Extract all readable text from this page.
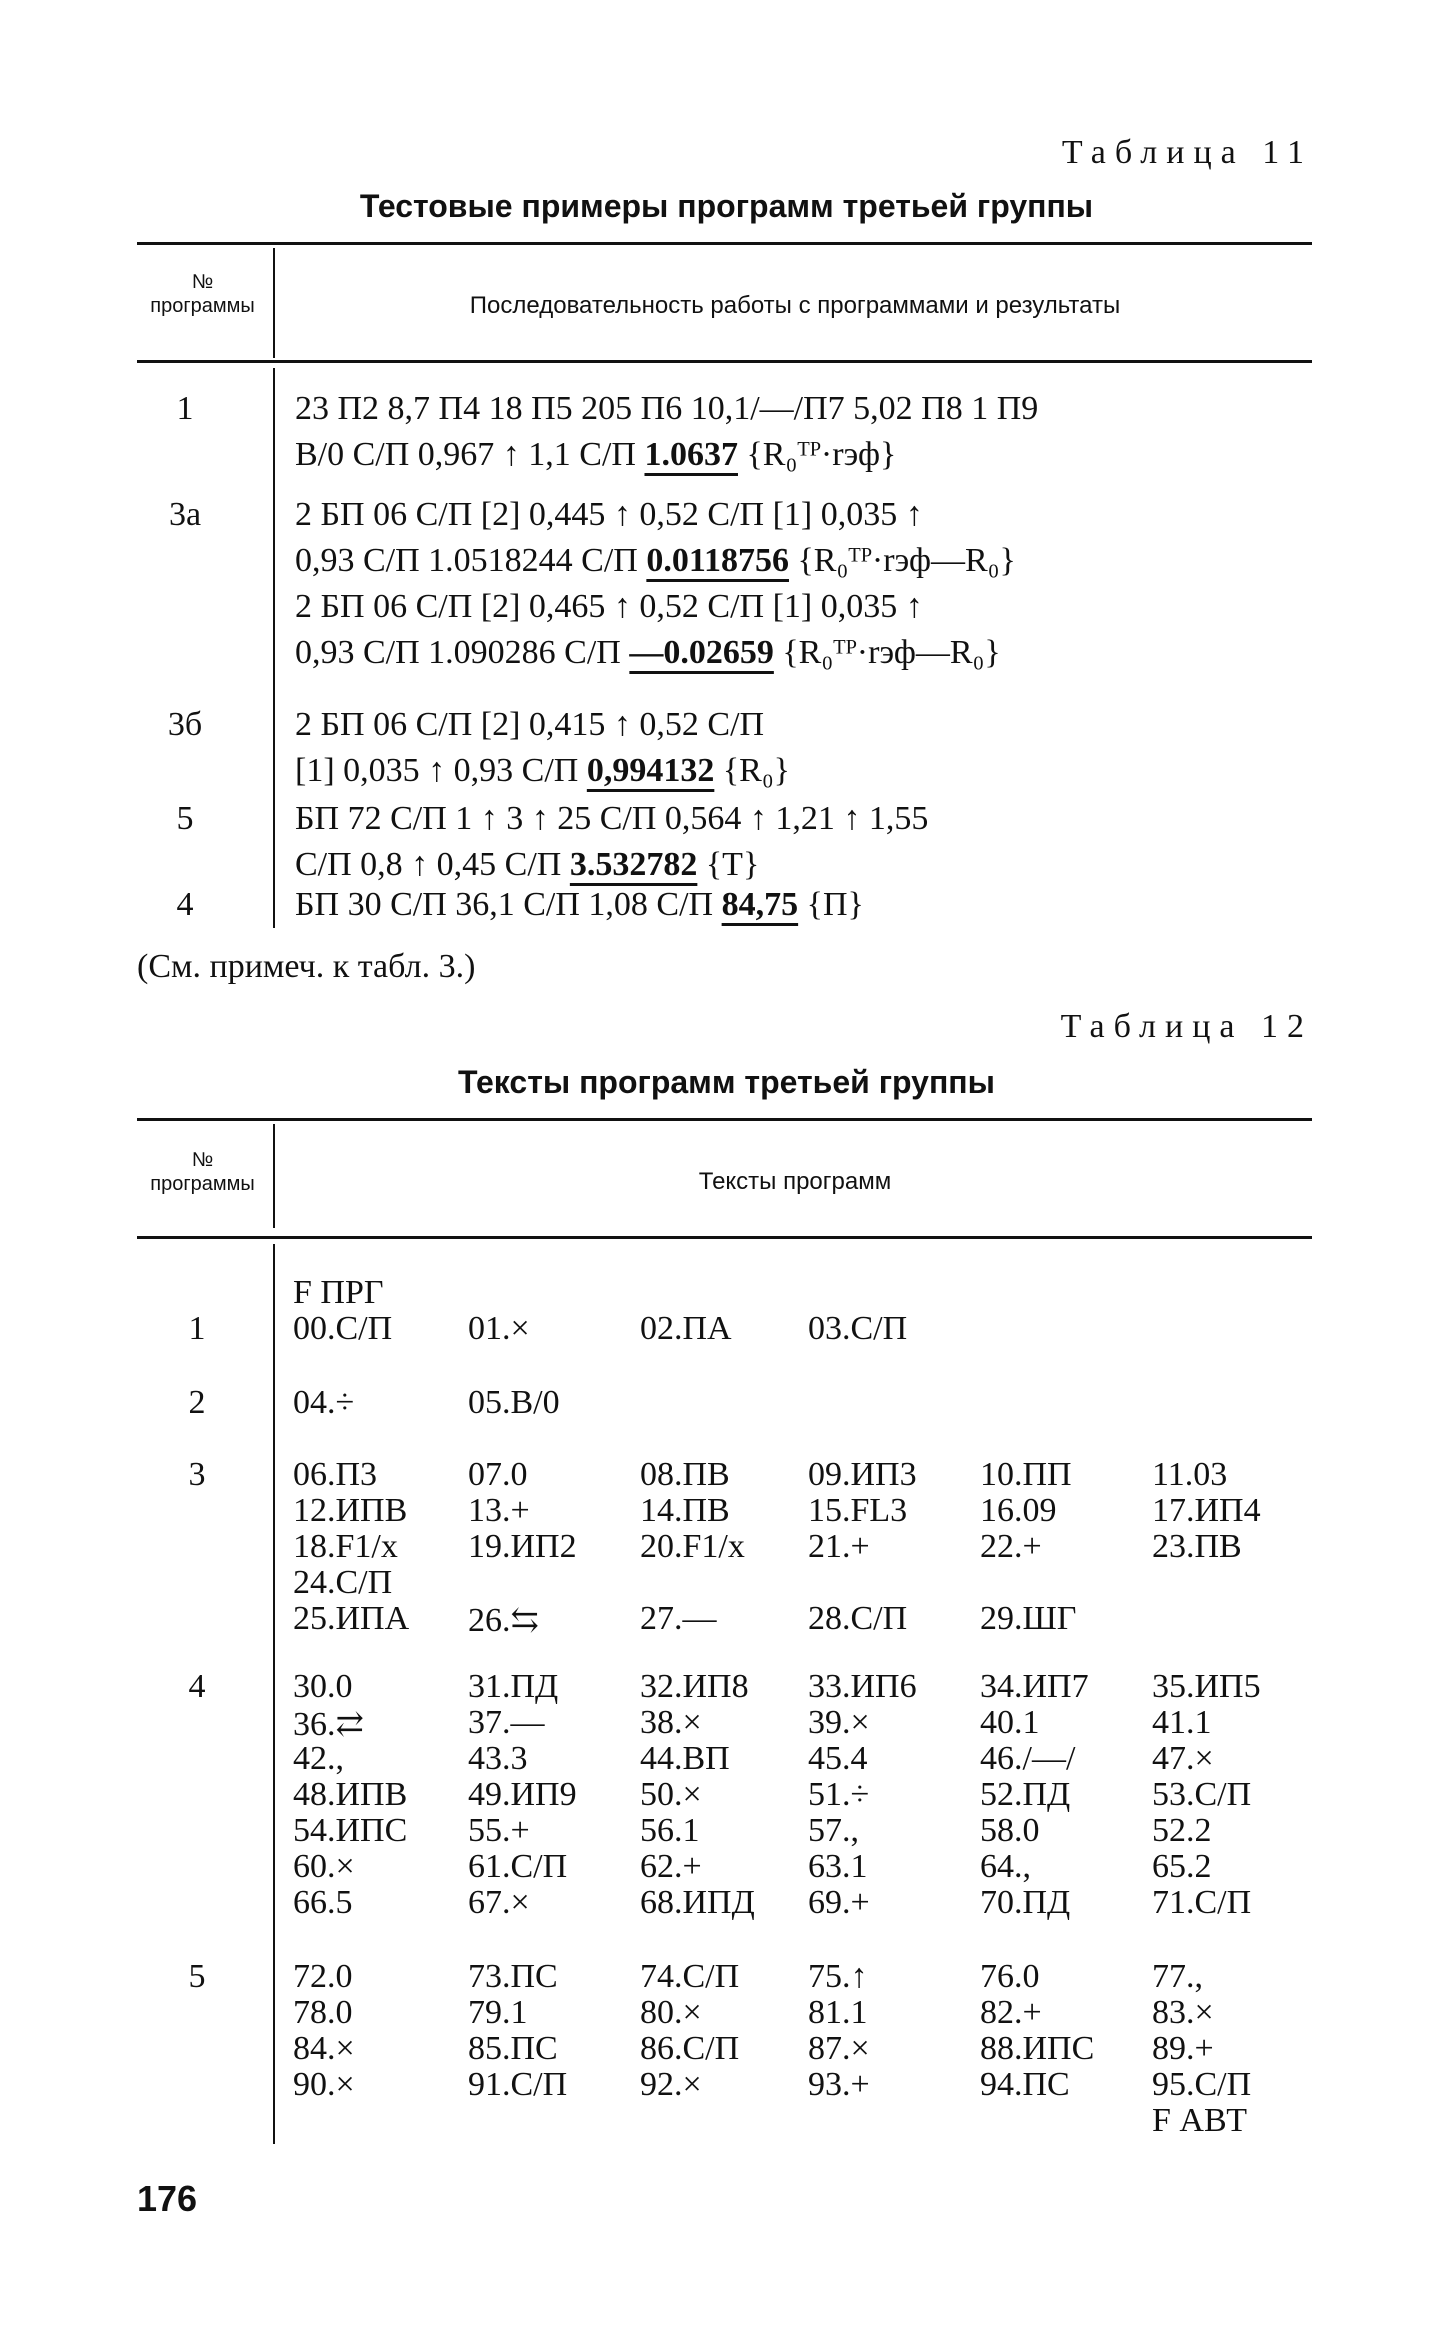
Таблица 11
Тестовые примеры программ третьей группы
№ программы	Последовательность работы с программами и результаты
1	23 П2 8,7 П4 18 П5 205 П6 10,1/—/П7 5,02 П8 1 П9
В/0 С/П 0,967 ↑ 1,1 С/П 1.0637 {R₀ᵀᴾ·rэф}
3а	2 БП 06 С/П [2] 0,445 ↑ 0,52 С/П [1] 0,035 ↑
0,93 С/П 1.0518244 С/П 0.0118756 {R₀ᵀᴾ·rэф—R₀}
2 БП 06 С/П [2] 0,465 ↑ 0,52 С/П [1] 0,035 ↑
0,93 С/П 1.090286 С/П —0.02659 {R₀ᵀᴾ·rэф—R₀}
3б	2 БП 06 С/П [2] 0,415 ↑ 0,52 С/П
[1] 0,035 ↑ 0,93 С/П 0,994132 {R₀}
5	БП 72 С/П 1 ↑ 3 ↑ 25 С/П 0,564 ↑ 1,21 ↑ 1,55
С/П 0,8 ↑ 0,45 С/П 3.532782 {T}
4	БП 30 С/П 36,1 С/П 1,08 С/П 84,75 {П}
(См. примеч. к табл. 3.)
Таблица 12
Тексты программ третьей группы
№ программы	Тексты программ
1
F ПРГ
00.С/П 01.×	02.ПА 03.С/П
2	04.÷	05.В/0
3	06.П3	07.0	08.ПВ 09.ИП3 10.ПП 11.03
12.ИПВ 13.+	14.ПВ 15.FL3 16.09	17.ИП4
18.F1/x 19.ИП2 20.F1/x 21.+	22.+	23.ПВ
24.С/П
25.ИПА 26.⇆	27.—	28.С/П 29.ШГ
4	30.0	31.ПД 32.ИП8 33.ИП6 34.ИП7 35.ИП5
36.⇄	37.—	38.×	39.×	40.1	41.1
42.,	43.3	44.ВП 45.4	46./—/ 47.×
48.ИПВ 49.ИП9 50.×	51.÷	52.ПД 53.С/П
54.ИПС 55.+	56.1	57.,	58.0	52.2
60.×	61.С/П 62.+	63.1	64.,	65.2
66.5	67.×	68.ИПД 69.+	70.ПД 71.С/П
5	72.0	73.ПС 74.С/П 75.↑	76.0	77.,
78.0	79.1	80.×	81.1	82.+	83.×
84.×	85.ПС 86.С/П 87.×	88.ИПС 89.+
90.×	91.С/П 92.×	93.+	94.ПС 95.С/П
F АВТ
176
